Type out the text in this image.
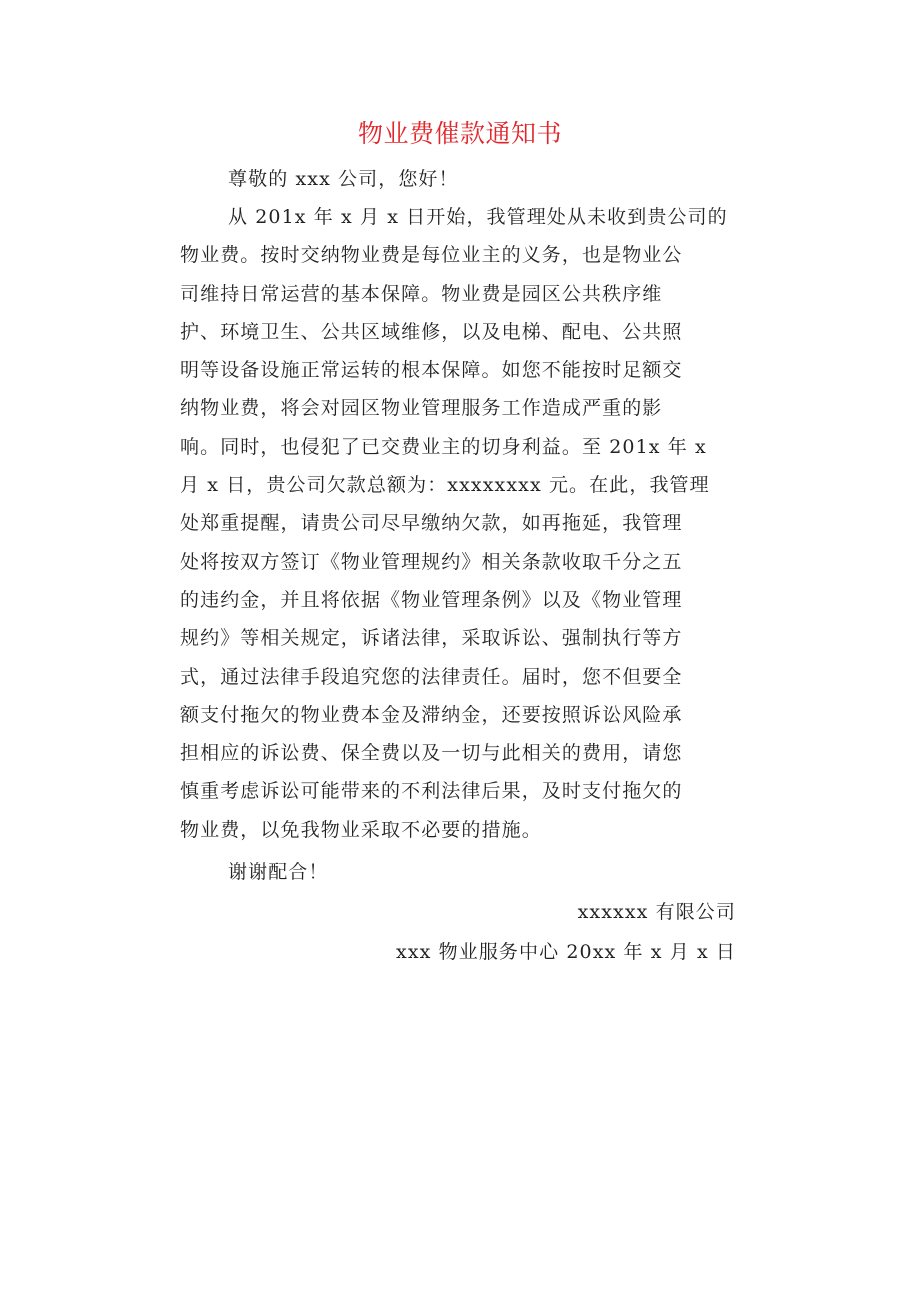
物业费催款通知书
尊敬的 xxx 公司，您好！
从 201x 年 x 月 x 日开始，我管理处从未收到贵公司的
物业费。按时交纳物业费是每位业主的义务，也是物业公
司维持日常运营的基本保障。物业费是园区公共秩序维
护、环境卫生、公共区域维修，以及电梯、配电、公共照
明等设备设施正常运转的根本保障。如您不能按时足额交
纳物业费，将会对园区物业管理服务工作造成严重的影
响。同时，也侵犯了已交费业主的切身利益。至 201x 年 x
月 x 日，贵公司欠款总额为：xxxxxxxx 元。在此，我管理
处郑重提醒，请贵公司尽早缴纳欠款，如再拖延，我管理
处将按双方签订《物业管理规约》相关条款收取千分之五
的违约金，并且将依据《物业管理条例》以及《物业管理
规约》等相关规定，诉诸法律，采取诉讼、强制执行等方
式，通过法律手段追究您的法律责任。届时，您不但要全
额支付拖欠的物业费本金及滞纳金，还要按照诉讼风险承
担相应的诉讼费、保全费以及一切与此相关的费用，请您
慎重考虑诉讼可能带来的不利法律后果，及时支付拖欠的
物业费，以免我物业采取不必要的措施。
谢谢配合！
xxxxxx 有限公司
xxx 物业服务中心 20xx 年 x 月 x 日
